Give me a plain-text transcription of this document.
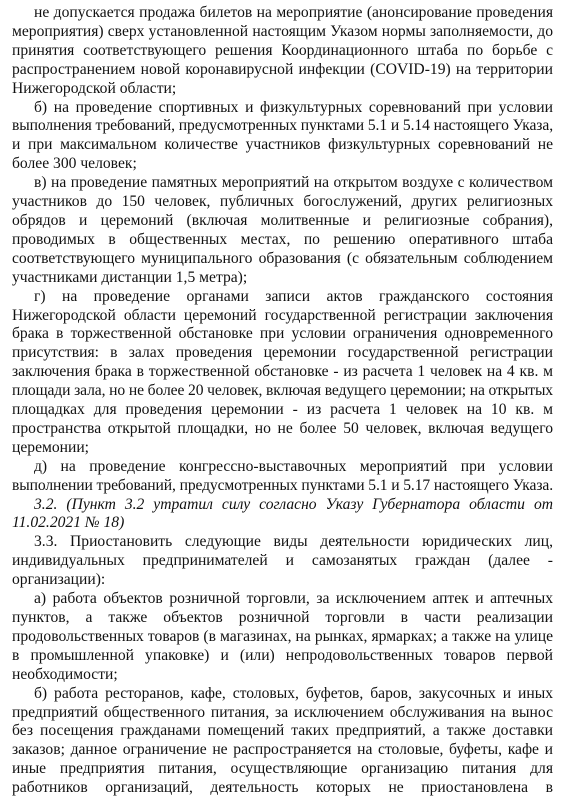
не допускается продажа билетов на мероприятие (анонсирование проведения
мероприятия) сверх установленной настоящим Указом нормы заполняемости, до
принятия соответствующего решения Координационного штаба по борьбе с
распространением новой коронавирусной инфекции (COVID-19) на территории
Нижегородской области;
б) на проведение спортивных и физкультурных соревнований при условии
выполнения требований, предусмотренных пунктами 5.1 и 5.14 настоящего Указа,
и при максимальном количестве участников физкультурных соревнований не
более 300 человек;
в) на проведение памятных мероприятий на открытом воздухе с количеством
участников до 150 человек, публичных богослужений, других религиозных
обрядов и церемоний (включая молитвенные и религиозные собрания),
проводимых в общественных местах, по решению оперативного штаба
соответствующего муниципального образования (с обязательным соблюдением
участниками дистанции 1,5 метра);
г) на проведение органами записи актов гражданского состояния
Нижегородской области церемоний государственной регистрации заключения
брака в торжественной обстановке при условии ограничения одновременного
присутствия: в залах проведения церемонии государственной регистрации
заключения брака в торжественной обстановке - из расчета 1 человек на 4 кв. м
площади зала, но не более 20 человек, включая ведущего церемонии; на открытых
площадках для проведения церемонии - из расчета 1 человек на 10 кв. м
пространства открытой площадки, но не более 50 человек, включая ведущего
церемонии;
д) на проведение конгрессно-выставочных мероприятий при условии
выполнении требований, предусмотренных пунктами 5.1 и 5.17 настоящего Указа.
3.2. (Пункт 3.2 утратил силу согласно Указу Губернатора области от
11.02.2021 № 18)
3.3. Приостановить следующие виды деятельности юридических лиц,
индивидуальных предпринимателей и самозанятых граждан (далее -
организации):
а) работа объектов розничной торговли, за исключением аптек и аптечных
пунктов, а также объектов розничной торговли в части реализации
продовольственных товаров (в магазинах, на рынках, ярмарках; а также на улице
в промышленной упаковке) и (или) непродовольственных товаров первой
необходимости;
б) работа ресторанов, кафе, столовых, буфетов, баров, закусочных и иных
предприятий общественного питания, за исключением обслуживания на вынос
без посещения гражданами помещений таких предприятий, а также доставки
заказов; данное ограничение не распространяется на столовые, буфеты, кафе и
иные предприятия питания, осуществляющие организацию питания для
работников организаций, деятельность которых не приостановлена в
